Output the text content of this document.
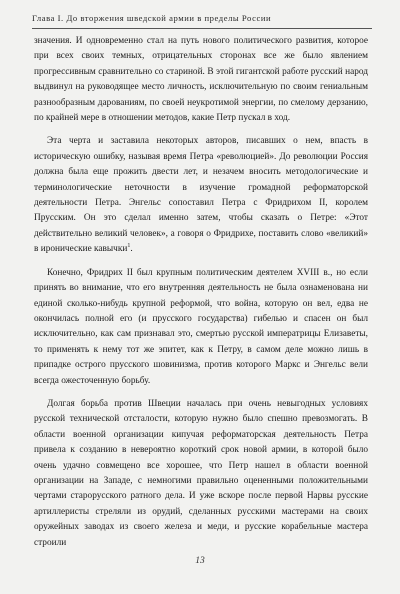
Глава I. До вторжения шведской армии в пределы России

значения. И одновременно стал на путь нового политического развития, которое при всех своих темных, отрицательных сторонах все же было явлением прогрессивным сравнительно со стариной. В этой гигантской работе русский народ выдвинул на руководящее место личность, исключительную по своим гениальным разнообразным дарованиям, по своей неукротимой энергии, по смелому дерзанию, по крайней мере в отношении методов, какие Петр пускал в ход.

Эта черта и заставила некоторых авторов, писавших о нем, впасть в историческую ошибку, называя время Петра «революцией». До революции Россия должна была еще прожить двести лет, и незачем вносить методологические и терминологические неточности в изучение громадной реформаторской деятельности Петра. Энгельс сопоставил Петра с Фридрихом II, королем Прусским. Он это сделал именно затем, чтобы сказать о Петре: «Этот действительно великий человек», а говоря о Фридрихе, поставить слово «великий» в иронические кавычки$^1$.

Конечно, Фридрих II был крупным политическим деятелем XVIII в., но если принять во внимание, что его внутренняя деятельность не была ознаменована ни единой сколько-нибудь крупной реформой, что война, которую он вел, едва не окончилась полной его (и прусского государства) гибелью и спасен он был исключительно, как сам признавал это, смертью русской императрицы Елизаветы, то применять к нему тот же эпитет, как к Петру, в самом деле можно лишь в припадке острого прусского шовинизма, против которого Маркс и Энгельс вели всегда ожесточенную борьбу.

Долгая борьба против Швеции началась при очень невыгодных условиях русской технической отсталости, которую нужно было спешно превозмогать. В области военной организации кипучая реформаторская деятельность Петра привела к созданию в невероятно короткий срок новой армии, в которой было очень удачно совмещено все хорошее, что Петр нашел в области военной организации на Западе, с немногими правильно оцененными положительными чертами старорусского ратного дела. И уже вскоре после первой Нарвы русские артиллеристы стреляли из орудий, сделанных русскими мастерами на своих оружейных заводах из своего железа и меди, и русские корабельные мастера строили

13
